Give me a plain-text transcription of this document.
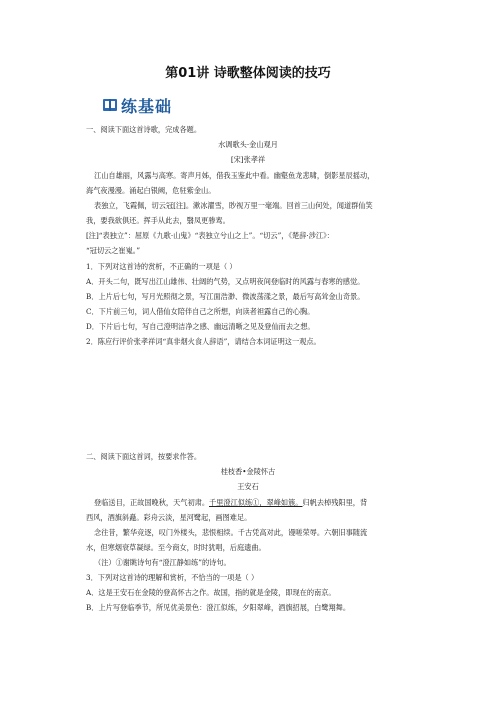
第01讲 诗歌整体阅读的技巧
练基础
一、阅读下面这首诗歌，完成各题。
水调歌头·金山观月
[宋]张孝祥
江山自雄丽，风露与高寒。寄声月姊，借我玉鉴此中看。幽壑鱼龙悲啸，倒影星辰摇动，
海气夜漫漫。涌起白银阙，危驻紫金山。
表独立，飞霞佩，切云冠[注]。漱冰濯雪，眇视万里一毫端。回首三山何处，闻道群仙笑
我，要我欲俱还。挥手从此去，翳凤更骖鸾。
[注]“表独立”：屈原《九歌·山鬼》“表独立兮山之上”。“切云”，《楚辞·涉江》：
“冠切云之崔嵬。”
1．下列对这首诗的赏析，不正确的一项是（ ）
A．开头二句，既写出江山雄伟、壮阔的气势，又点明夜间登临时的风露与春寒的感觉。
B．上片后七句，写月光照彻之景，写江面浩渺、微波荡漾之景，最后写高耸金山奇景。
C．下片前三句，词人借仙女陪伴自己之所想，向读者袒露自己的心胸。
D．下片后七句，写自己澄明洁净之感、幽远清晰之见及登仙而去之想。
2．陈应行评价张孝祥词“真非烟火食人辞语”，请结合本词证明这一观点。
二、阅读下面这首词，按要求作答。
桂枝香•金陵怀古
王安石
登临送目，正故国晚秋，天气初肃。千里澄江似练①，翠峰如簇。归帆去棹残阳里，背
西风，酒旗斜矗。彩舟云淡，星河鹭起，画图难足。
念往昔，繁华竞逐，叹门外楼头，悲恨相续。千古凭高对此，谩嗟荣辱。六朝旧事随流
水，但寒烟衰草凝绿。至今商女，时时犹唱，后庭遗曲。
（注）①谢眺诗句有“澄江静如练”的诗句。
3．下列对这首诗的理解和赏析，不恰当的一项是（ ）
A．这是王安石在金陵的登高怀古之作。故国，指的就是金陵，即现在的南京。
B．上片写登临季节，所见优美景色：澄江似练，夕阳翠峰，酒旗招展，白鹭翔舞。
